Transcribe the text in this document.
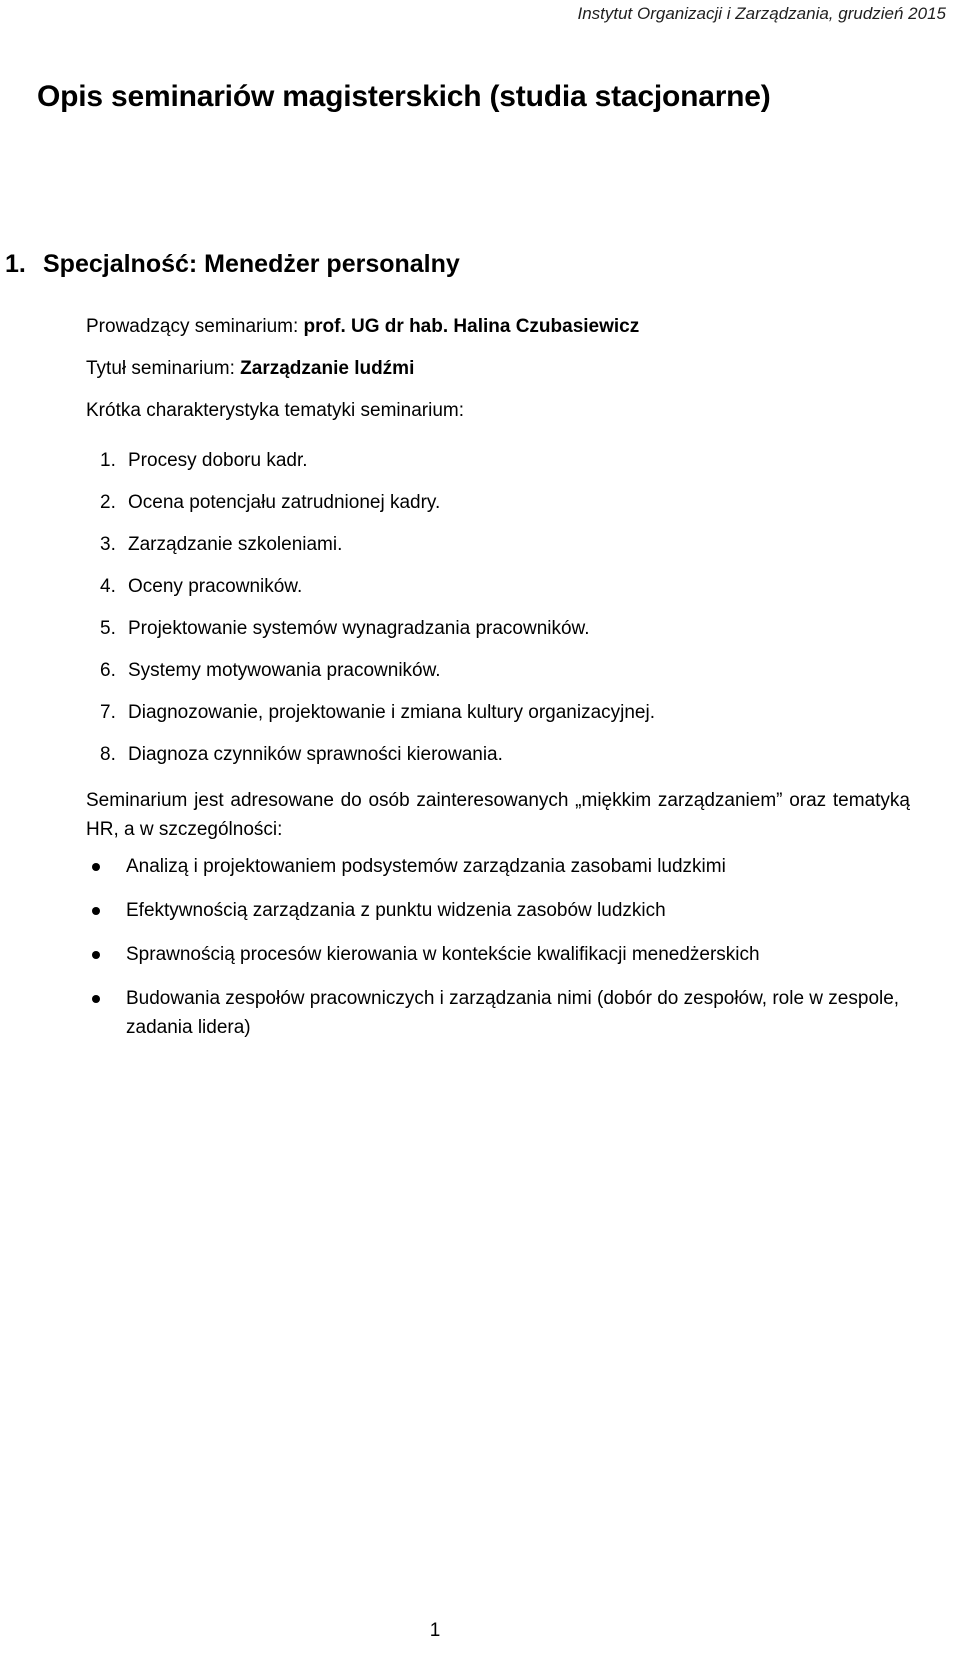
Instytut Organizacji i Zarządzania, grudzień 2015
Opis seminariów magisterskich (studia stacjonarne)
1. Specjalność: Menedżer personalny
Prowadzący seminarium: prof. UG dr hab. Halina Czubasiewicz
Tytuł seminarium: Zarządzanie ludźmi
Krótka charakterystyka tematyki seminarium:
1. Procesy doboru kadr.
2. Ocena potencjału zatrudnionej kadry.
3. Zarządzanie szkoleniami.
4. Oceny pracowników.
5. Projektowanie systemów wynagradzania pracowników.
6. Systemy motywowania pracowników.
7. Diagnozowanie, projektowanie i zmiana kultury organizacyjnej.
8. Diagnoza czynników sprawności kierowania.

Seminarium jest adresowane do osób zainteresowanych „miękkim zarządzaniem” oraz tematyką HR, a w szczególności:

Analizą i projektowaniem podsystemów zarządzania zasobami ludzkimi
Efektywnością zarządzania z punktu widzenia zasobów ludzkich
Sprawnością procesów kierowania w kontekście kwalifikacji menedżerskich
Budowania zespołów pracowniczych i zarządzania nimi (dobór do zespołów, role w zespole, zadania lidera)
1
